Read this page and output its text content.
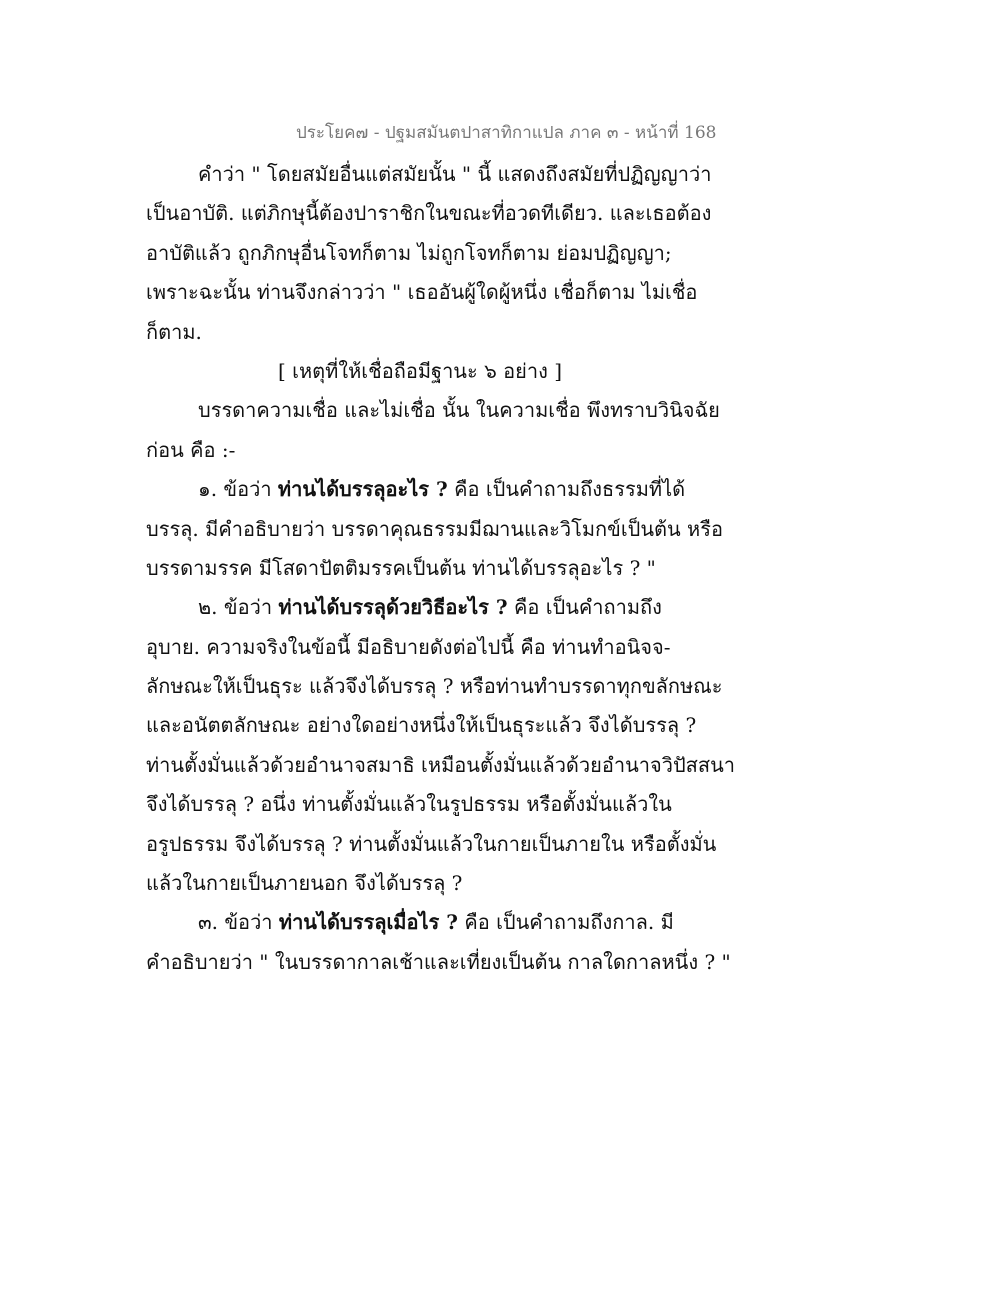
ประโยค๗ - ปฐมสมันตปาสาทิกาแปล ภาค ๓ - หน้าที่ 168
คำว่า " โดยสมัยอื่นแต่สมัยนั้น " นี้ แสดงถึงสมัยที่ปฏิญญาว่า
เป็นอาบัติ. แต่ภิกษุนี้ต้องปาราชิกในขณะที่อวดทีเดียว. และเธอต้อง
อาบัติแล้ว ถูกภิกษุอื่นโจทก็ตาม ไม่ถูกโจทก็ตาม ย่อมปฏิญญา;
เพราะฉะนั้น ท่านจึงกล่าวว่า " เธออันผู้ใดผู้หนึ่ง เชื่อก็ตาม ไม่เชื่อ
ก็ตาม.
[ เหตุที่ให้เชื่อถือมีฐานะ ๖ อย่าง ]
บรรดาความเชื่อ และไม่เชื่อ นั้น ในความเชื่อ พึงทราบวินิจฉัย
ก่อน คือ :-
๑. ข้อว่า ท่านได้บรรลุอะไร ? คือ เป็นคำถามถึงธรรมที่ได้
บรรลุ. มีคำอธิบายว่า บรรดาคุณธรรมมีฌานและวิโมกข์เป็นต้น หรือ
บรรดามรรค มีโสดาปัตติมรรคเป็นต้น ท่านได้บรรลุอะไร ? "
๒. ข้อว่า ท่านได้บรรลุด้วยวิธีอะไร ? คือ เป็นคำถามถึง
อุบาย. ความจริงในข้อนี้ มีอธิบายดังต่อไปนี้ คือ ท่านทำอนิจจ-
ลักษณะให้เป็นธุระ แล้วจึงได้บรรลุ ? หรือท่านทำบรรดาทุกขลักษณะ
และอนัตตลักษณะ อย่างใดอย่างหนึ่งให้เป็นธุระแล้ว จึงได้บรรลุ ?
ท่านตั้งมั่นแล้วด้วยอำนาจสมาธิ เหมือนตั้งมั่นแล้วด้วยอำนาจวิปัสสนา
จึงได้บรรลุ ? อนึ่ง ท่านตั้งมั่นแล้วในรูปธรรม หรือตั้งมั่นแล้วใน
อรูปธรรม จึงได้บรรลุ ? ท่านตั้งมั่นแล้วในกายเป็นภายใน หรือตั้งมั่น
แล้วในกายเป็นภายนอก จึงได้บรรลุ ?
๓. ข้อว่า ท่านได้บรรลุเมื่อไร ? คือ เป็นคำถามถึงกาล. มี
คำอธิบายว่า " ในบรรดากาลเช้าและเที่ยงเป็นต้น กาลใดกาลหนึ่ง ? "
